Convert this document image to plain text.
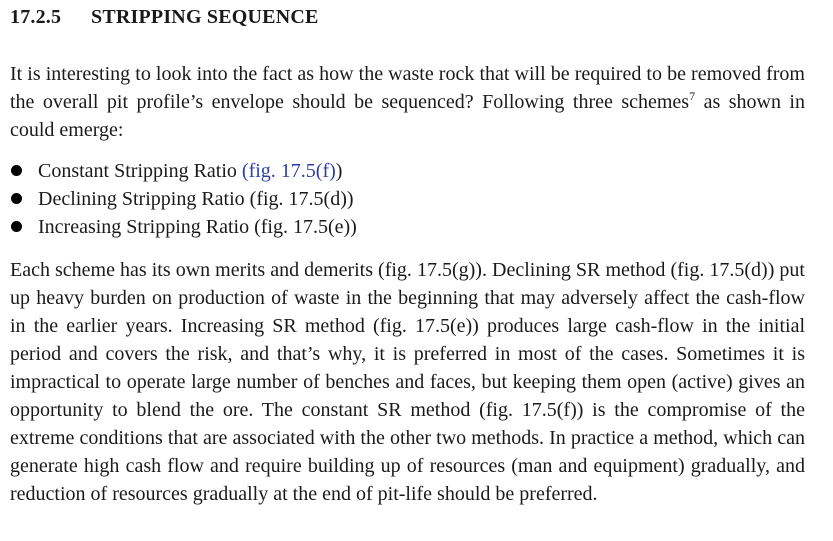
17.2.5 STRIPPING SEQUENCE

It is interesting to look into the fact as how the waste rock that will be required to be removed from the overall pit profile’s envelope should be sequenced? Following three schemes$^7$ as shown in could emerge:

Constant Stripping Ratio (fig. 17.5(f))
Declining Stripping Ratio (fig. 17.5(d))
Increasing Stripping Ratio (fig. 17.5(e))

Each scheme has its own merits and demerits (fig. 17.5(g)). Declining SR method (fig. 17.5(d)) put up heavy burden on production of waste in the beginning that may adversely affect the cash-flow in the earlier years. Increasing SR method (fig. 17.5(e)) produces large cash-flow in the initial period and covers the risk, and that’s why, it is preferred in most of the cases. Sometimes it is impractical to operate large number of benches and faces, but keeping them open (active) gives an opportunity to blend the ore. The constant SR method (fig. 17.5(f)) is the compromise of the extreme conditions that are associated with the other two methods. In practice a method, which can generate high cash flow and require building up of resources (man and equipment) gradually, and reduction of resources gradually at the end of pit-life should be preferred.
